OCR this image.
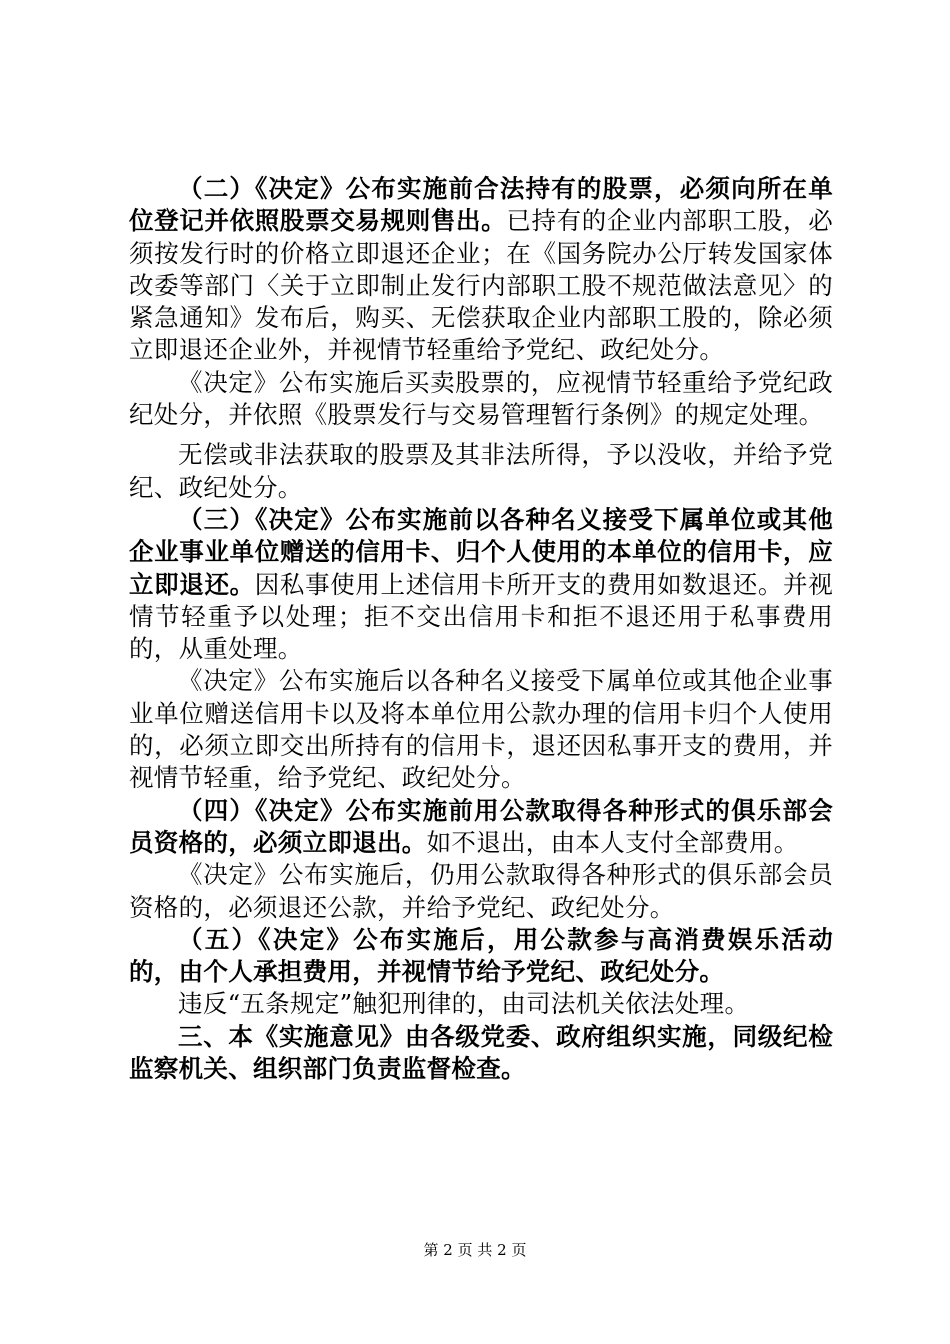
（二）《决定》公布实施前合法持有的股票，必须向所在单位登记并依照股票交易规则售出。已持有的企业内部职工股，必须按发行时的价格立即退还企业；在《国务院办公厅转发国家体改委等部门〈关于立即制止发行内部职工股不规范做法意见〉的紧急通知》发布后，购买、无偿获取企业内部职工股的，除必须立即退还企业外，并视情节轻重给予党纪、政纪处分。

《决定》公布实施后买卖股票的，应视情节轻重给予党纪政纪处分，并依照《股票发行与交易管理暂行条例》的规定处理。

无偿或非法获取的股票及其非法所得，予以没收，并给予党纪、政纪处分。

（三）《决定》公布实施前以各种名义接受下属单位或其他企业事业单位赠送的信用卡、归个人使用的本单位的信用卡，应立即退还。因私事使用上述信用卡所开支的费用如数退还。并视情节轻重予以处理；拒不交出信用卡和拒不退还用于私事费用的，从重处理。

《决定》公布实施后以各种名义接受下属单位或其他企业事业单位赠送信用卡以及将本单位用公款办理的信用卡归个人使用的，必须立即交出所持有的信用卡，退还因私事开支的费用，并视情节轻重，给予党纪、政纪处分。

（四）《决定》公布实施前用公款取得各种形式的俱乐部会员资格的，必须立即退出。如不退出，由本人支付全部费用。

《决定》公布实施后，仍用公款取得各种形式的俱乐部会员资格的，必须退还公款，并给予党纪、政纪处分。

（五）《决定》公布实施后，用公款参与高消费娱乐活动的，由个人承担费用，并视情节给予党纪、政纪处分。

违反“五条规定”触犯刑律的，由司法机关依法处理。

三、本《实施意见》由各级党委、政府组织实施，同级纪检监察机关、组织部门负责监督检查。

第 2 页 共 2 页
